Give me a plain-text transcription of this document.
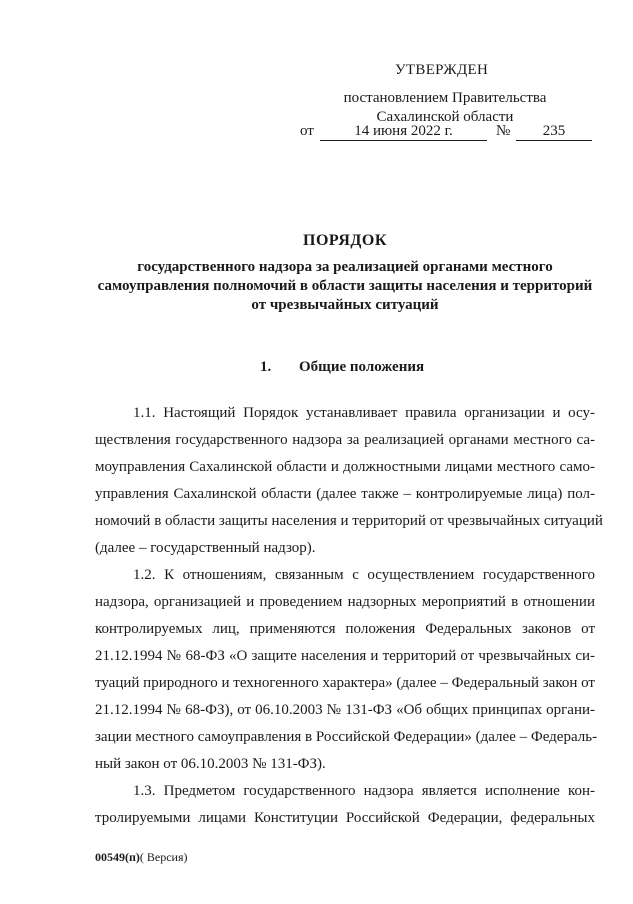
УТВЕРЖДЕН
постановлением Правительства
Сахалинской области
от	14 июня 2022 г.	№	235
ПОРЯДОК
государственного надзора за реализацией органами местного
самоуправления полномочий в области защиты населения и территорий
от чрезвычайных ситуаций
1. Общие положения
1.1. Настоящий Порядок устанавливает правила организации и осу-
ществления государственного надзора за реализацией органами местного са-
моуправления Сахалинской области и должностными лицами местного само-
управления Сахалинской области (далее также – контролируемые лица) пол-
номочий в области защиты населения и территорий от чрезвычайных ситуаций
(далее – государственный надзор).
1.2. К отношениям, связанным с осуществлением государственного
надзора, организацией и проведением надзорных мероприятий в отношении
контролируемых лиц, применяются положения Федеральных законов от
21.12.1994 № 68-ФЗ «О защите населения и территорий от чрезвычайных си-
туаций природного и техногенного характера» (далее – Федеральный закон от
21.12.1994 № 68-ФЗ), от 06.10.2003 № 131-ФЗ «Об общих принципах органи-
зации местного самоуправления в Российской Федерации» (далее – Федераль-
ный закон от 06.10.2003 № 131-ФЗ).
1.3. Предметом государственного надзора является исполнение кон-
тролируемыми лицами Конституции Российской Федерации, федеральных
00549(п)( Версия)
